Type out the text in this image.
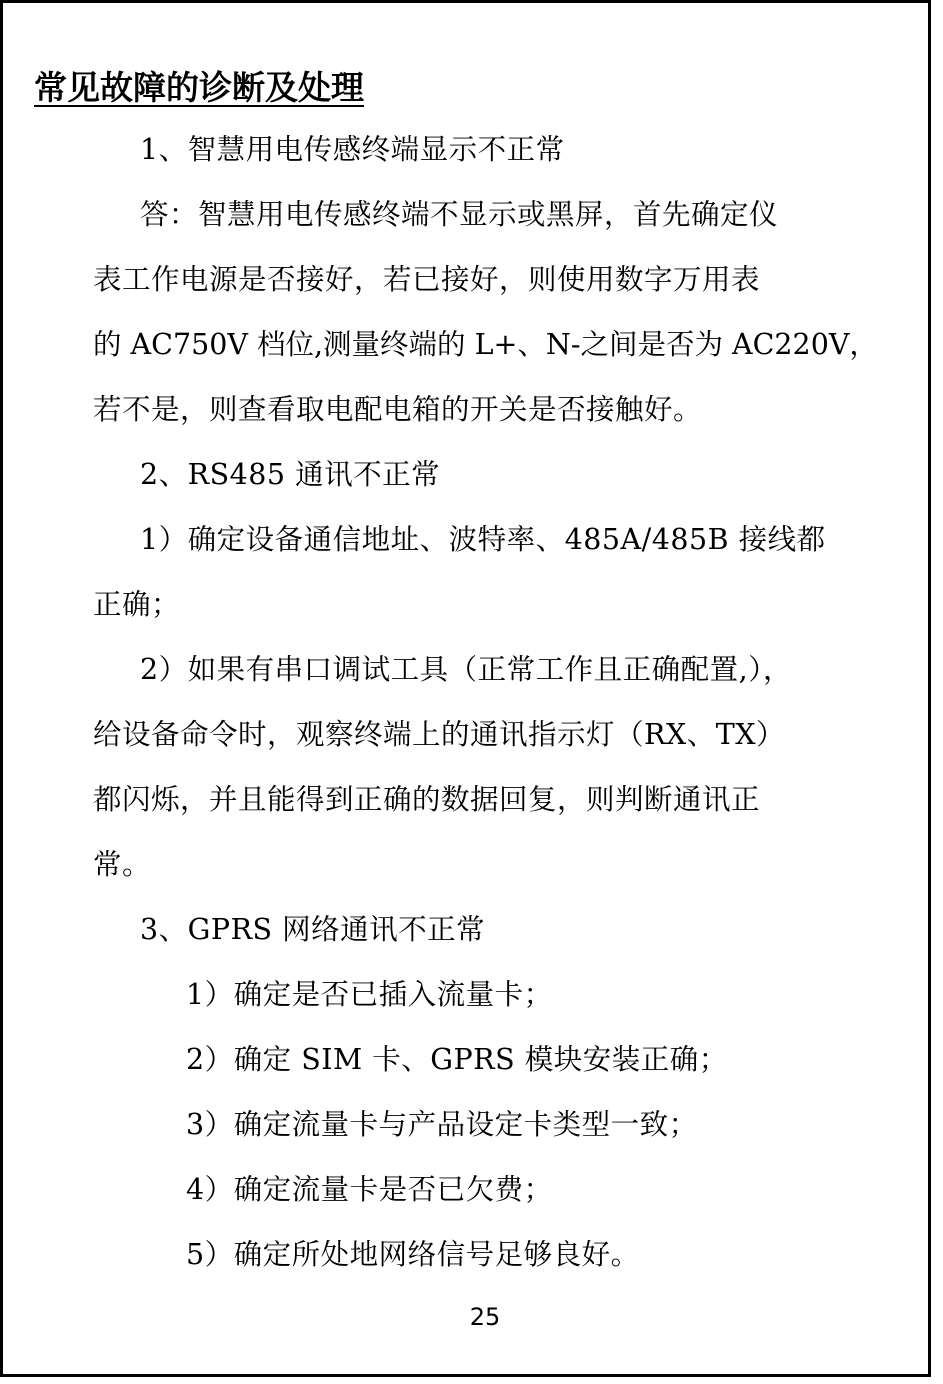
常见故障的诊断及处理
1、智慧用电传感终端显示不正常
答：智慧用电传感终端不显示或黑屏，首先确定仪
表工作电源是否接好，若已接好，则使用数字万用表
的 AC750V 档位,测量终端的 L+、N-之间是否为 AC220V，
若不是，则查看取电配电箱的开关是否接触好。
2、RS485 通讯不正常
1）确定设备通信地址、波特率、485A/485B 接线都
正确；
2）如果有串口调试工具（正常工作且正确配置,），
给设备命令时，观察终端上的通讯指示灯（RX、TX）
都闪烁，并且能得到正确的数据回复，则判断通讯正
常。
3、GPRS 网络通讯不正常
1）确定是否已插入流量卡；
2）确定 SIM 卡、GPRS 模块安装正确；
3）确定流量卡与产品设定卡类型一致；
4）确定流量卡是否已欠费；
5）确定所处地网络信号足够良好。
25
